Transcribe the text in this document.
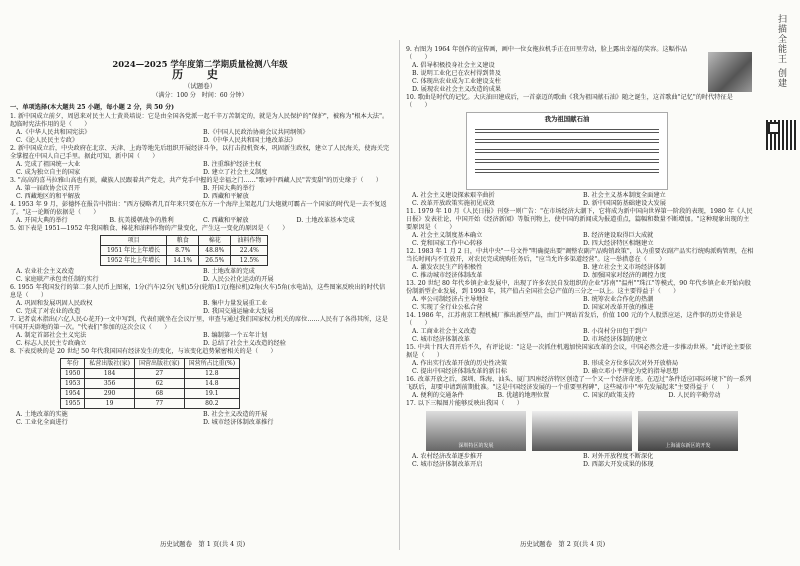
2024—2025 学年度第二学期质量检测八年级
历 史
（试题卷）
（满分：100 分　时间：60 分钟）
一、单项选择(本大题共 25 小题，每小题 2 分，共 50 分)

1. 新中国成立前夕，周恩来对民主人士黄炎培说：它是由全国各党派一起千辛万苦制定的，就是为人民保护的"保护"，被称为"根本大法"。起临时宪法作用的是（　　）

A.《中华人民共和国宪法》	B.《中国人民政治协商会议共同纲领》
C.《论人民民主专政》	D.《中华人民共和国土地改革法》

2. 新中国成立后，中央政府在北京、天津、上海等地先后组织开展经济斗争，以打击投机资本，巩固新生政权，建立了人民海关，使海关完全掌握在中国人自己手里。据此可知，新中国（　　）

A. 完成了祖国统一大业	B. 注重维护经济主权
C. 成为独立自主的国家	D. 建立了社会主义制度

3. "高高的喜马拉雅山高也有顶，藏族人民跟着共产党走，共产党手中握的是幸福之门……"歌词中西藏人民"苦变甜"的历史缘于（　　）

A. 第一届政协会议召开	B. 开国大典的举行
C. 西藏地区的和平解放	D. 西藏和平解放

4. 1953 年 9 月，彭德怀在报告中指出："西方侵略者几百年来只要在东方一个海岸上架起几门大炮就可霸占一个国家的时代是一去不复返了。"这一论断的依据是（　　）

A. 开国大典的举行	B. 抗美援朝战争的胜利	C. 西藏和平解放	D. 土地改革基本完成

5. 如下表是 1951—1952 年我国粮食、棉花和油料作物的产量变化，产生这一变化的原因是（　　）

项目	粮食	棉花	油料作物
1951 年比上年增长	8.7%	48.8%	22.4%
1952 年比上年增长	14.1%	26.5%	12.5%
A. 农业社会主义改造	B. 土地改革的完成
C. 家庭联产承包责任制的实行	D. 人民公社化运动的开展

6. 1955 年我国发行的第二套人民币上图案，1分(汽车)2分(飞机)5分(轮船)1元(拖拉机)2角(火车)5角(水电站)，这些图案反映出的时代信息是（　　）

A. 巩固和发展巩固人民政权	B. 集中力量发展重工业
C. 完成了对农业的改造	D. 我国交通运输业大发展

7. 记者袁木指出(六亿人民心花开)一文中写到，代表们就坐在会议厅里，审查与通过我们国家权力机关的席位……人民有了各得其所，这是中国开天辟地的第一次。"代表们"参加的这次会议（　　）

A. 制定首部社会主义宪法	B. 编制第一个五年计划
C. 标志人民民主专政确立	D. 总结了社会主义改造的经验

8. 下表反映的是 20 世纪 50 年代我国国有经济发生的变化，与该变化趋势紧密相关的是（　　）

年份	私营出版社(家)	国营出版社(家)	国营所占比重(%)
1950	184	27	12.8
1953	356	62	14.8
1954	290	68	19.1
1955	19	77	80.2
A. 土地改革的实施	B. 社会主义改造的开展
C. 工业化全面进行	D. 城市经济体制改革推行
历史试题卷　第 1 页(共 4 页)

9. 右图为 1964 年创作的宣传画，画中一位女拖拉机手正在田里劳动，脸上露出幸福的笑容。这幅作品（　　）

A. 倡导积极投身社会主义建设
B. 说明工业化已在农村得到普及
C. 体现出农业成为工业建设支柱
D. 展现农业社会主义改造的成果

10. 歌曲是时代的记忆。大庆油田建成后，一首豪迈的歌曲《我为祖国献石油》随之诞生，这首歌曲"记忆"的时代特征是（　　）

我为祖国献石油
A. 社会主义建设探索艰辛曲折	B. 社会主义基本制度全面建立
C. 改革开放政策实施初见成效	D. 新中国国防基础建设大发展

11. 1979 年 10 月《人民日报》刊登一则广告："在市场经济大潮下，它将成为新中国向世界第一阶段的表现，1980 年《人民日报》发表社论，中国开始《经济新闻》等版刊物上，使中国的新闻成为报道重点，篇幅和数量不断增加。"这种现象出现的主要原因是（　　）

A. 社会主义制度基本确立	B. 经济建设取得巨大成就
C. 党和国家工作中心转移	D. 四大经济特区相继建立

12. 1983 年 1 月 2 日，中共中央"一号文件"明确提出要"调整农副产品购销政策"，认为重要农副产品实行统购派购管理，在相当长时间内不宜放开，对农民完成统购任务后，"应当允许多渠道经营"。这一举措意在（　　）

A. 激发农民生产的积极性	B. 建立社会主义市场经济体制
C. 推动城市经济体制改革	D. 加强国家对经济的调控力度

13. 20 世纪 80 年代乡镇企业发展中，出现了许多农民自发组织的企业"苏南""温州""珠江"等模式，90 年代乡镇企业开始向股份制新型企业发展，到 1993 年，其产值占全国社会总产值的三分之一以上。这主要得益于（　　）

A. 率公司制经济占主导地位	B. 统筹农业合作化的热潮
C. 实现了全行业公私合营	D. 国家对改革开放的推进

14. 1986 年，江苏南京工程机械厂推出新型产品，由门户网站首发后，价值 100 元的个人股票应运，这件事的历史背景是（　　）

A. 工商业社会主义改造	B. 小岗村分田包干到户
C. 城市经济体制改革	D. 市场经济体制的建立

15. 中共十四大召开后不久，有评论说："这是一次抓住机遇加快国家改革的会议，中国必然会进一步推动世界。"此评论主要依据是（　　）

A. 作出实行改革开放的历史性决策	B. 形成全方位多层次对外开放格局
C. 提出中国经济体制改革的新目标	D. 确立邓小平理论为党的指导思想

16. 改革开放之后，深圳、珠海、汕头、厦门四座经济特区创造了一个又一个经济奇迹。在迈过"条件适应国际环境下"的一系列飞跃后，却要申请到前期批准。"这是中国经济发展的一个重要里程碑"，这些城市中"率先发展起来"主要得益于（　　）

A. 便利的交通条件	B. 优越的地理位置	C. 国家的政策支持	D. 人民的辛勤劳动

17. 以下三幅图片能够反映出我国（　　）

深圳特区的发展	上海浦东新区的开发
A. 农村经济改革逐步推开	B. 对外开放程度不断深化
C. 城市经济体制改革开启	D. 西部大开发成果的体现
历史试题卷　第 2 页(共 4 页)
扫描全能王 创建
